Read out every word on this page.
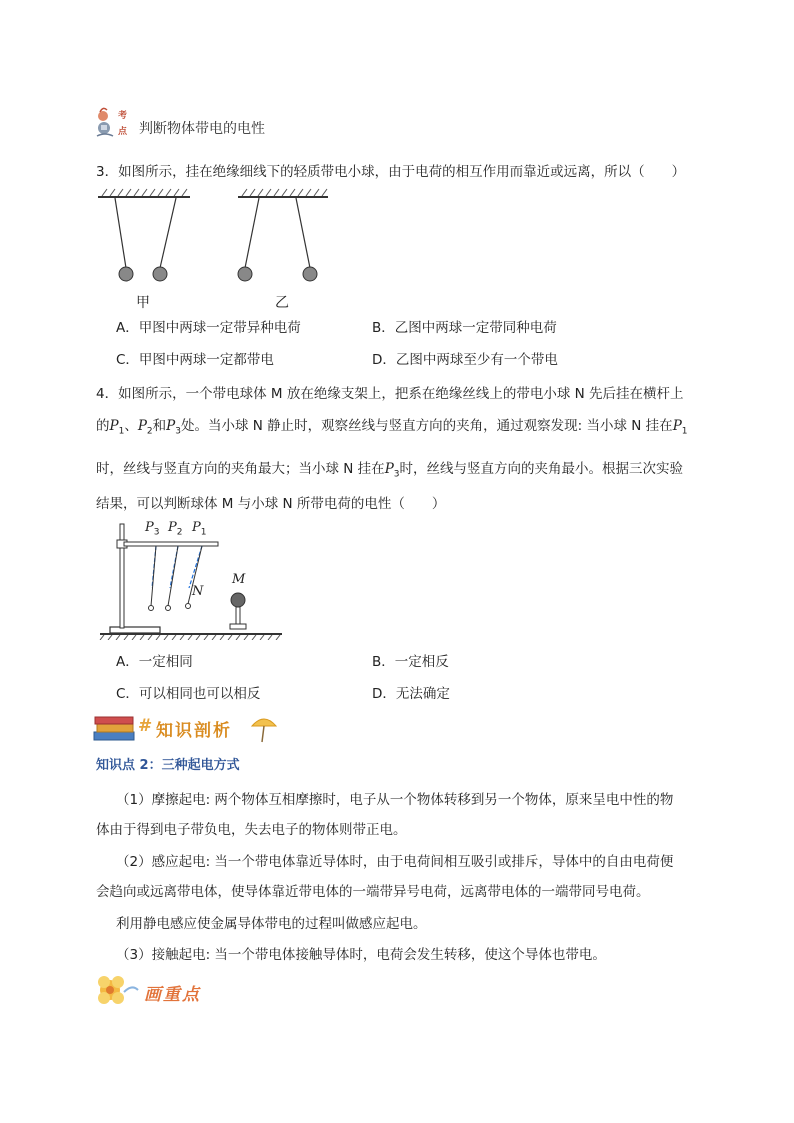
考
点 判断物体带电的电性
3．如图所示，挂在绝缘细线下的轻质带电小球，由于电荷的相互作用而靠近或远离，所以（　　）
甲	乙
A．甲图中两球一定带异种电荷	B．乙图中两球一定带同种电荷
C．甲图中两球一定都带电	D．乙图中两球至少有一个带电
4．如图所示，一个带电球体 M 放在绝缘支架上，把系在绝缘丝线上的带电小球 N 先后挂在横杆上
的$P_1$、$P_2$和$P_3$处。当小球 N 静止时，观察丝线与竖直方向的夹角，通过观察发现: 当小球 N 挂在$P_1$
时，丝线与竖直方向的夹角最大；当小球 N 挂在$P_3$时，丝线与竖直方向的夹角最小。根据三次实验
结果，可以判断球体 M 与小球 N 所带电荷的电性（　　）
$P_3$ $P_2$ $P_1$
M
N
A．一定相同	B．一定相反
C．可以相同也可以相反	D．无法确定
# 知识剖析
知识点 2：三种起电方式
（1）摩擦起电: 两个物体互相摩擦时，电子从一个物体转移到另一个物体，原来呈电中性的物
体由于得到电子带负电，失去电子的物体则带正电。
（2）感应起电: 当一个带电体靠近导体时，由于电荷间相互吸引或排斥，导体中的自由电荷便
会趋向或远离带电体，使导体靠近带电体的一端带异号电荷，远离带电体的一端带同号电荷。
利用静电感应使金属导体带电的过程叫做感应起电。
（3）接触起电: 当一个带电体接触导体时，电荷会发生转移，使这个导体也带电。
画重点
